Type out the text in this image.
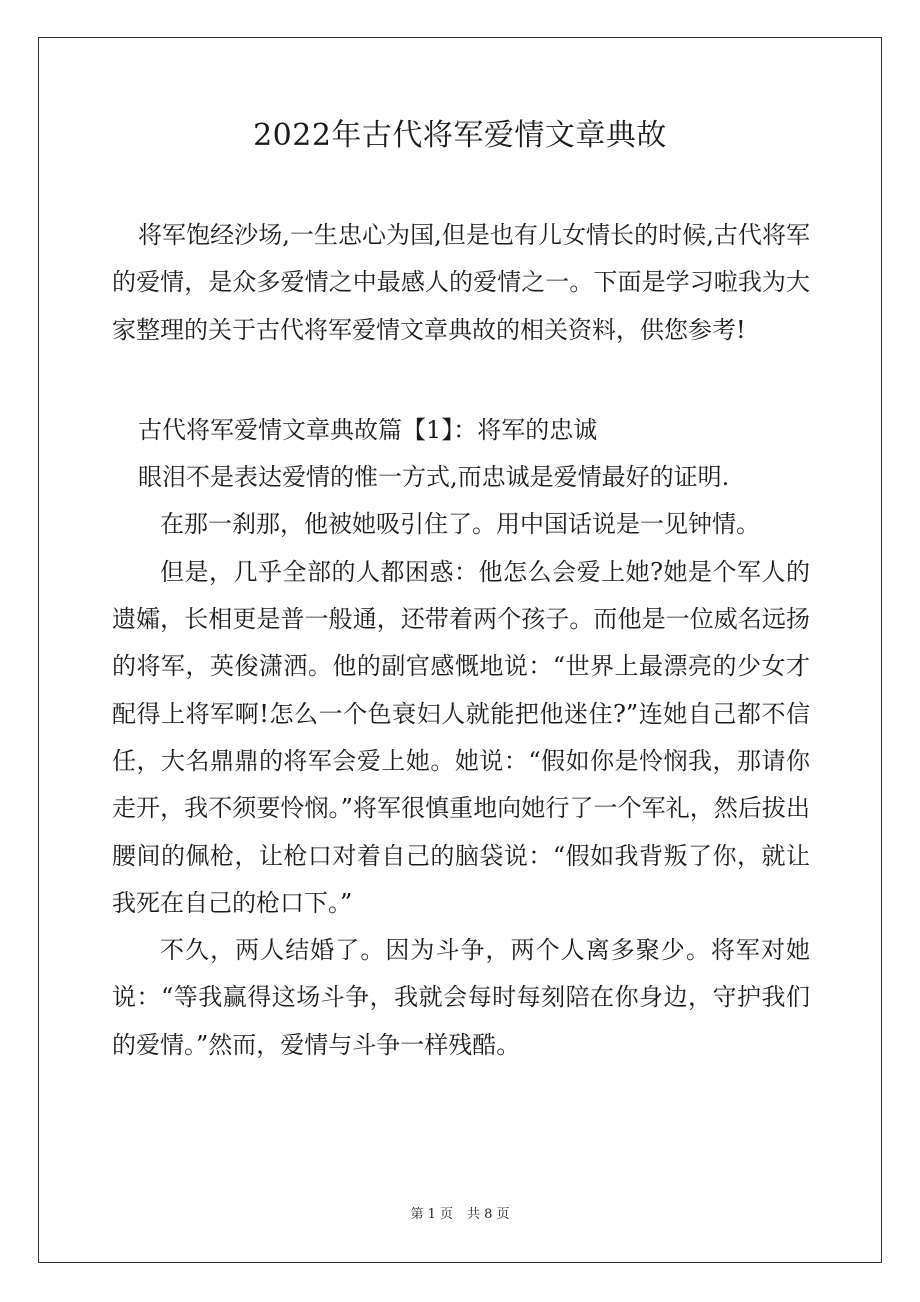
2022年古代将军爱情文章典故

将军饱经沙场,一生忠心为国,但是也有儿女情长的时候,古代将军的爱情，是众多爱情之中最感人的爱情之一。下面是学习啦我为大家整理的关于古代将军爱情文章典故的相关资料，供您参考!

古代将军爱情文章典故篇【1】：将军的忠诚

眼泪不是表达爱情的惟一方式,而忠诚是爱情最好的证明.

在那一刹那，他被她吸引住了。用中国话说是一见钟情。

但是，几乎全部的人都困惑：他怎么会爱上她?她是个军人的遗孀，长相更是普一般通，还带着两个孩子。而他是一位威名远扬的将军，英俊潇洒。他的副官感慨地说：“世界上最漂亮的少女才配得上将军啊!怎么一个色衰妇人就能把他迷住?”连她自己都不信任，大名鼎鼎的将军会爱上她。她说：“假如你是怜悯我，那请你走开，我不须要怜悯。”将军很慎重地向她行了一个军礼，然后拔出腰间的佩枪，让枪口对着自己的脑袋说：“假如我背叛了你，就让我死在自己的枪口下。”

不久，两人结婚了。因为斗争，两个人离多聚少。将军对她说：“等我赢得这场斗争，我就会每时每刻陪在你身边，守护我们的爱情。”然而，爱情与斗争一样残酷。

第 1 页 共 8 页
